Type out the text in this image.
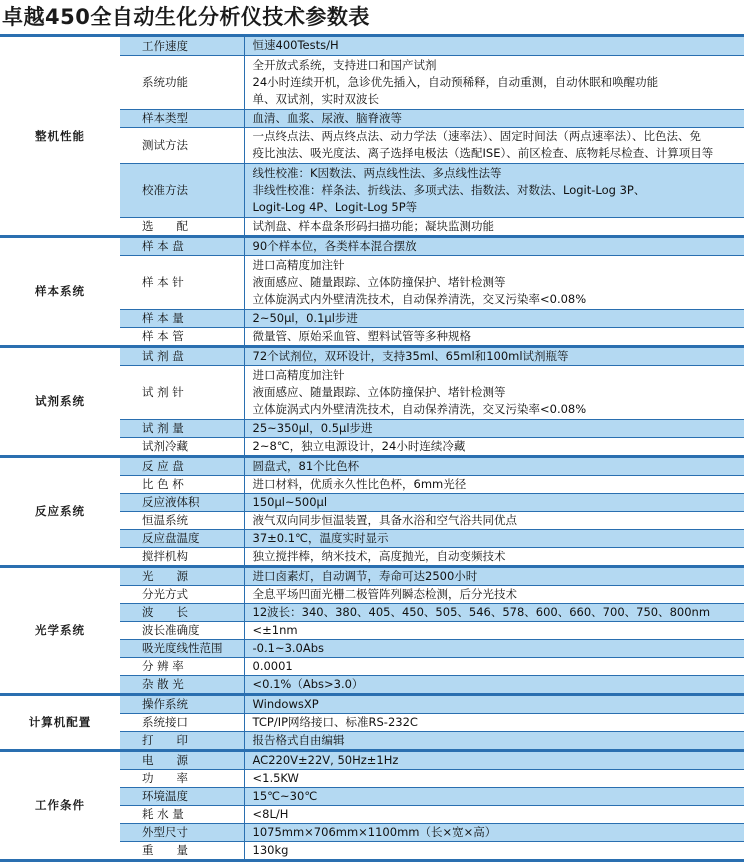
卓越450全自动生化分析仪技术参数表
整机性能	工作速度	恒速400Tests/H

	系统功能	全开放式系统，支持进口和国产试剂
24小时连续开机，急诊优先插入，自动预稀释，自动重测，自动休眠和唤醒功能
单、双试剂，实时双波长

	样本类型	血清、血浆、尿液、脑脊液等

	测试方法	一点终点法、两点终点法、动力学法（速率法）、固定时间法（两点速率法）、比色法、免
疫比浊法、吸光度法、离子选择电极法（选配ISE）、前区检查、底物耗尽检查、计算项目等

	校准方法	线性校准：K因数法、两点线性法、多点线性法等
非线性校准：样条法、折线法、多项式法、指数法、对数法、Logit-Log 3P、
Logit-Log 4P、Logit-Log 5P等

	选　　配	试剂盘、样本盘条形码扫描功能；凝块监测功能

样本系统	样 本 盘	90个样本位，各类样本混合摆放

	样 本 针	进口高精度加注针
液面感应、随量跟踪、立体防撞保护、堵针检测等
立体旋涡式内外壁清洗技术，自动保养清洗，交叉污染率<0.08%

	样 本 量	2~50μl，0.1μl步进

	样 本 管	微量管、原始采血管、塑料试管等多种规格

试剂系统	试 剂 盘	72个试剂位，双环设计，支持35ml、65ml和100ml试剂瓶等

	试 剂 针	进口高精度加注针
液面感应、随量跟踪、立体防撞保护、堵针检测等
立体旋涡式内外壁清洗技术，自动保养清洗，交叉污染率<0.08%

	试 剂 量	25~350μl，0.5μl步进

	试剂冷藏	2~8℃，独立电源设计，24小时连续冷藏

反应系统	反 应 盘	圆盘式，81个比色杯

	比 色 杯	进口材料，优质永久性比色杯，6mm光径

	反应液体积	150μl~500μl

	恒温系统	液气双向同步恒温装置，具备水浴和空气浴共同优点

	反应盘温度	37±0.1℃，温度实时显示

	搅拌机构	独立搅拌棒，纳米技术，高度抛光，自动变频技术

光学系统	光　　源	进口卤素灯，自动调节，寿命可达2500小时

	分光方式	全息平场凹面光栅二极管阵列瞬态检测，后分光技术

	波　　长	12波长：340、380、405、450、505、546、578、600、660、700、750、800nm

	波长准确度	<±1nm

	吸光度线性范围	-0.1~3.0Abs

	分 辨 率	0.0001

	杂 散 光	<0.1%（Abs>3.0）

计算机配置	操作系统	WindowsXP

	系统接口	TCP/IP网络接口、标准RS-232C

	打　　印	报告格式自由编辑

工作条件	电　　源	AC220V±22V, 50Hz±1Hz

	功　　率	<1.5KW

	环境温度	15℃~30℃

	耗 水 量	<8L/H

	外型尺寸	1075mm×706mm×1100mm（长×宽×高）

	重　　量	130kg
